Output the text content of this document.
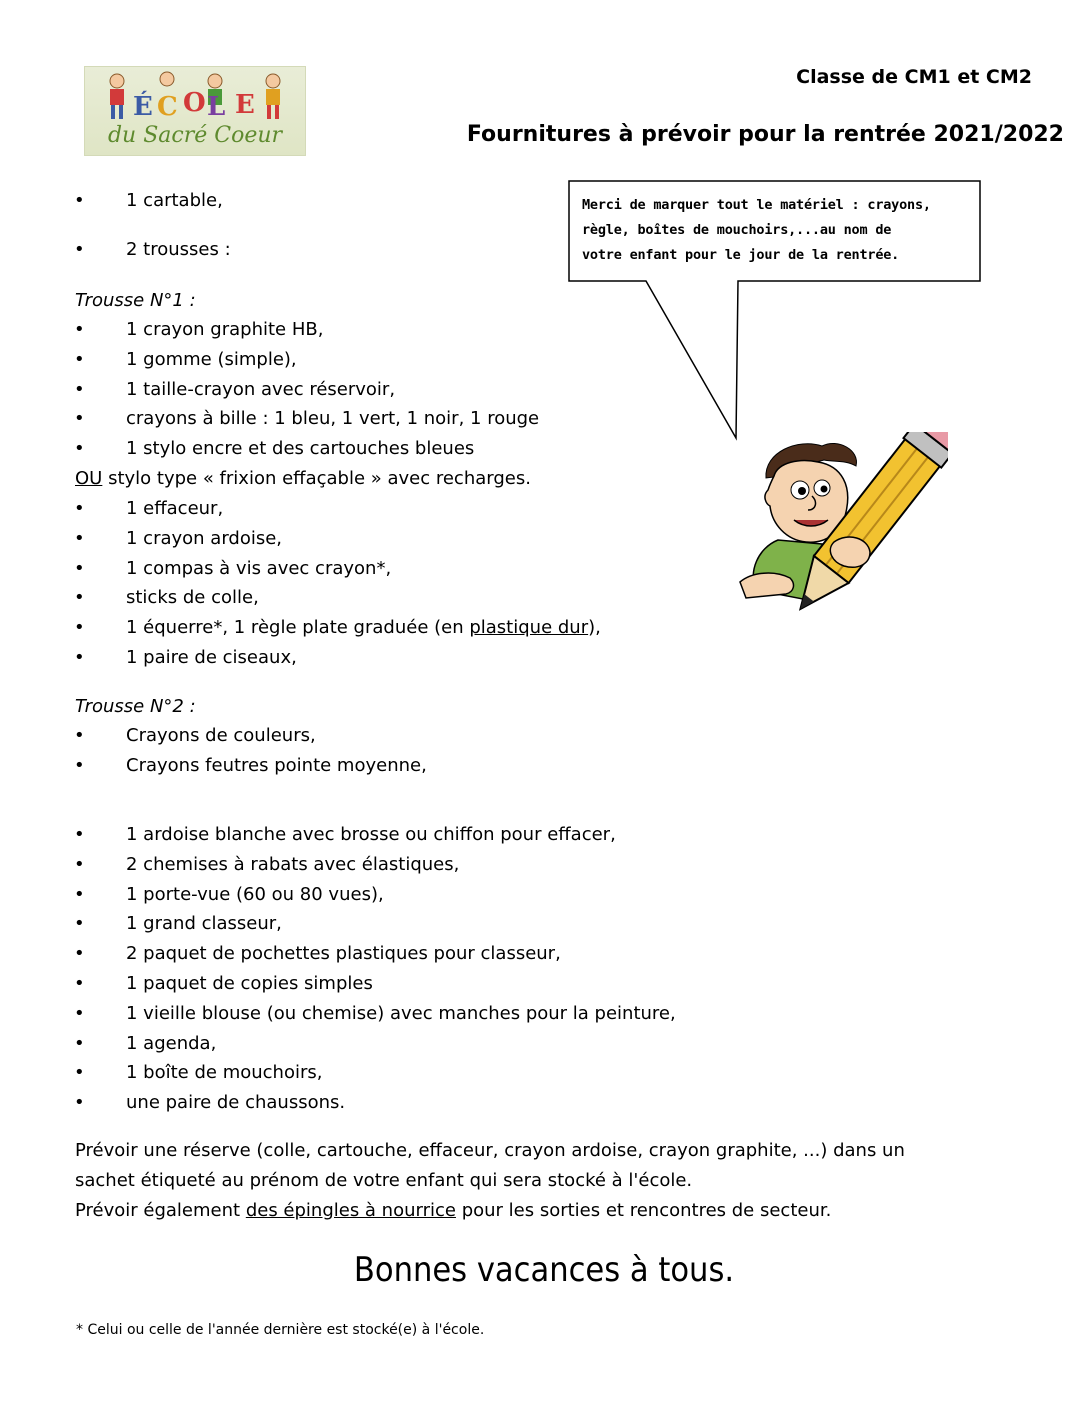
É C O L E
du Sacré Coeur
Classe de CM1 et CM2
Fournitures à prévoir pour la rentrée 2021/2022
Merci de marquer tout le matériel : crayons,
règle, boîtes de mouchoirs,...au nom de
votre enfant pour le jour de la rentrée.
• 1 cartable,
• 2 trousses :
Trousse N°1 :
• 1 crayon graphite HB,
• 1 gomme (simple),
• 1 taille-crayon avec réservoir,
• crayons à bille : 1 bleu, 1 vert, 1 noir, 1 rouge
• 1 stylo encre et des cartouches bleues
OU stylo type « frixion effaçable » avec recharges.
• 1 effaceur,
• 1 crayon ardoise,
• 1 compas à vis avec crayon*,
• sticks de colle,
• 1 équerre*, 1 règle plate graduée (en plastique dur),
• 1 paire de ciseaux,
Trousse N°2 :
• Crayons de couleurs,
• Crayons feutres pointe moyenne,
• 1 ardoise blanche avec brosse ou chiffon pour effacer,
• 2 chemises à rabats avec élastiques,
• 1 porte-vue (60 ou 80 vues),
• 1 grand classeur,
• 2 paquet de pochettes plastiques pour classeur,
• 1 paquet de copies simples
• 1 vieille blouse (ou chemise) avec manches pour la peinture,
• 1 agenda,
• 1 boîte de mouchoirs,
• une paire de chaussons.

Prévoir une réserve (colle, cartouche, effaceur, crayon ardoise, crayon graphite, ...) dans un

sachet étiqueté au prénom de votre enfant qui sera stocké à l'école.

Prévoir également des épingles à nourrice pour les sorties et rencontres de secteur.

Bonnes vacances à tous.
* Celui ou celle de l'année dernière est stocké(e) à l'école.
